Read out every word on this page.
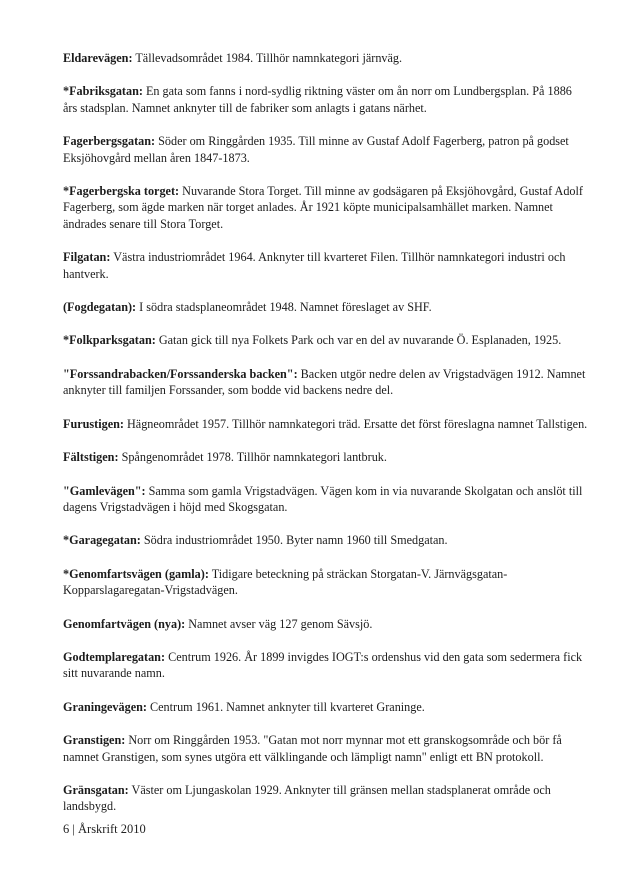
Eldarevägen: Tällevadsområdet 1984. Tillhör namnkategori järnväg.

*Fabriksgatan: En gata som fanns i nord-sydlig riktning väster om ån norr om Lundbergsplan. På 1886 års stadsplan. Namnet anknyter till de fabriker som anlagts i gatans närhet.

Fagerbergsgatan: Söder om Ringgården 1935. Till minne av Gustaf Adolf Fagerberg, patron på godset Eksjöhovgård mellan åren 1847-1873.

*Fagerbergska torget: Nuvarande Stora Torget. Till minne av godsägaren på Eksjöhovgård, Gustaf Adolf Fagerberg, som ägde marken när torget anlades. År 1921 köpte municipalsamhället marken. Namnet ändrades senare till Stora Torget.

Filgatan: Västra industriområdet 1964. Anknyter till kvarteret Filen. Tillhör namnkategori industri och hantverk.

(Fogdegatan): I södra stadsplaneområdet 1948. Namnet föreslaget av SHF.

*Folkparksgatan: Gatan gick till nya Folkets Park och var en del av nuvarande Ö. Esplanaden, 1925.

"Forssandrabacken/Forssanderska backen": Backen utgör nedre delen av Vrigstadvägen 1912. Namnet anknyter till familjen Forssander, som bodde vid backens nedre del.

Furustigen: Hägneområdet 1957. Tillhör namnkategori träd. Ersatte det först föreslagna namnet Tallstigen.

Fältstigen: Spångenområdet 1978. Tillhör namnkategori lantbruk.

"Gamlevägen": Samma som gamla Vrigstadvägen. Vägen kom in via nuvarande Skolgatan och anslöt till dagens Vrigstadvägen i höjd med Skogsgatan.

*Garagegatan: Södra industriområdet 1950. Byter namn 1960 till Smedgatan.

*Genomfartsvägen (gamla): Tidigare beteckning på sträckan Storgatan-V. Järnvägsgatan-Kopparslagaregatan-Vrigstadvägen.

Genomfartvägen (nya): Namnet avser väg 127 genom Sävsjö.

Godtemplaregatan: Centrum 1926. År 1899 invigdes IOGT:s ordenshus vid den gata som sedermera fick sitt nuvarande namn.

Graningevägen: Centrum 1961. Namnet anknyter till kvarteret Graninge.

Granstigen: Norr om Ringgården 1953. "Gatan mot norr mynnar mot ett granskogsområde och bör få namnet Granstigen, som synes utgöra ett välklingande och lämpligt namn" enligt ett BN protokoll.

Gränsgatan: Väster om Ljungaskolan 1929. Anknyter till gränsen mellan stadsplanerat område och landsbygd.

6 | Årskrift 2010
